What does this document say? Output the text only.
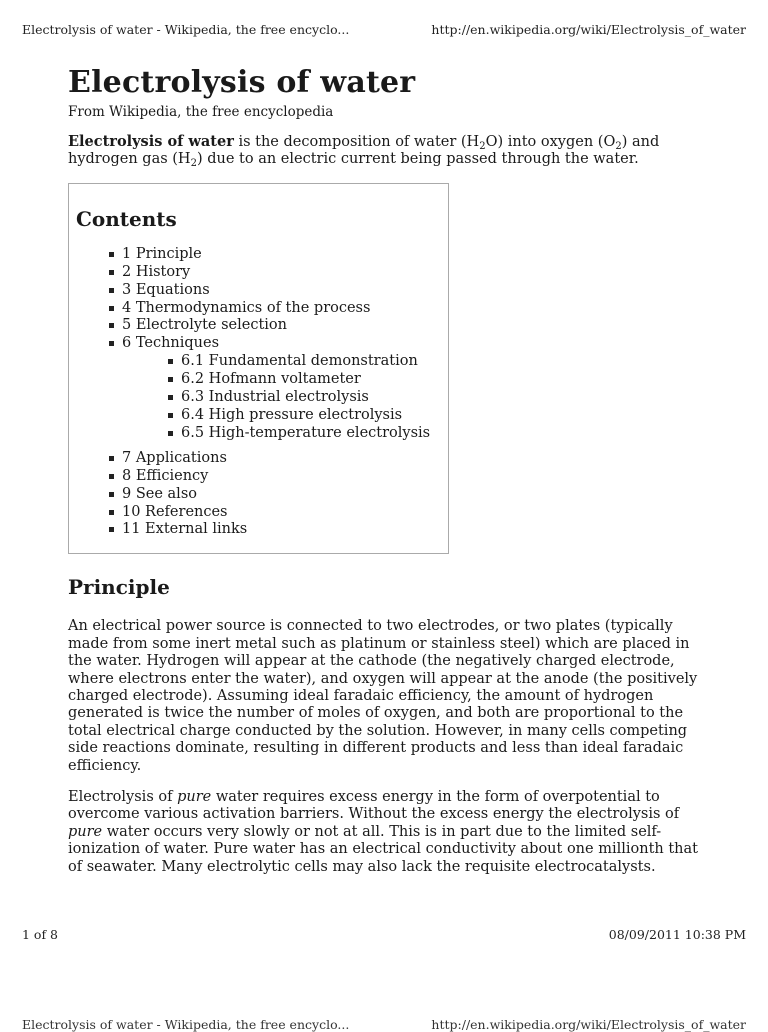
Electrolysis of water - Wikipedia, the free encyclo...	http://en.wikipedia.org/wiki/Electrolysis_of_water
Electrolysis of water
From Wikipedia, the free encyclopedia

Electrolysis of water is the decomposition of water $(H_2O)$ into oxygen $(O_2)$ and hydrogen gas $(H_2)$ due to an electric current being passed through the water.

Contents
1 Principle
2 History
3 Equations
4 Thermodynamics of the process
5 Electrolyte selection
6 Techniques
6.1 Fundamental demonstration
6.2 Hofmann voltameter
6.3 Industrial electrolysis
6.4 High pressure electrolysis
6.5 High-temperature electrolysis
7 Applications
8 Efficiency
9 See also
10 References
11 External links
Principle

An electrical power source is connected to two electrodes, or two plates (typically made from some inert metal such as platinum or stainless steel) which are placed in the water. Hydrogen will appear at the cathode (the negatively charged electrode, where electrons enter the water), and oxygen will appear at the anode (the positively charged electrode). Assuming ideal faradaic efficiency, the amount of hydrogen generated is twice the number of moles of oxygen, and both are proportional to the total electrical charge conducted by the solution. However, in many cells competing side reactions dominate, resulting in different products and less than ideal faradaic efficiency.

Electrolysis of pure water requires excess energy in the form of overpotential to overcome various activation barriers. Without the excess energy the electrolysis of pure water occurs very slowly or not at all. This is in part due to the limited self-ionization of water. Pure water has an electrical conductivity about one millionth that of seawater. Many electrolytic cells may also lack the requisite electrocatalysts.

1 of 8	08/09/2011 10:38 PM
Electrolysis of water - Wikipedia, the free encyclo...	http://en.wikipedia.org/wiki/Electrolysis_of_water
